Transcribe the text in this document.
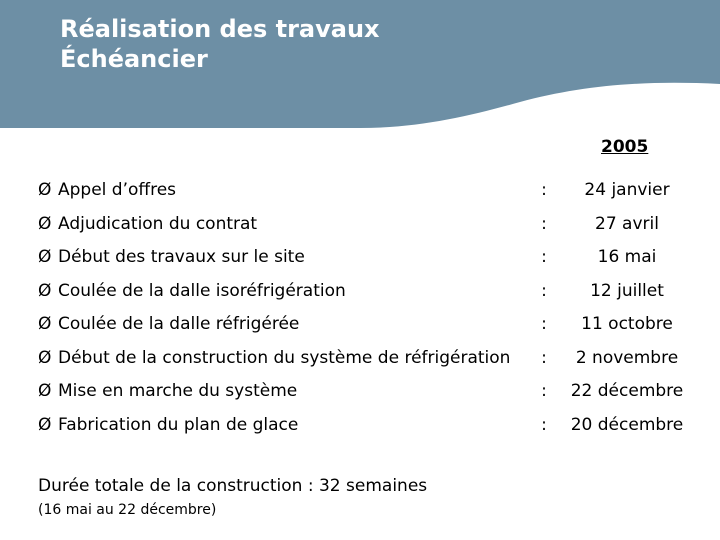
Réalisation des travaux
Échéancier
2005
Ø Appel d’offres	:	24 janvier
Ø Adjudication du contrat	:	27 avril
Ø Début des travaux sur le site	:	16 mai
Ø Coulée de la dalle isoréfrigération	:	12 juillet
Ø Coulée de la dalle réfrigérée	:	11 octobre
Ø Début de la construction du système de réfrigération :	2 novembre
Ø Mise en marche du système	:	22 décembre
Ø Fabrication du plan de glace	:	20 décembre
Durée totale de la construction : 32 semaines
(16 mai au 22 décembre)
